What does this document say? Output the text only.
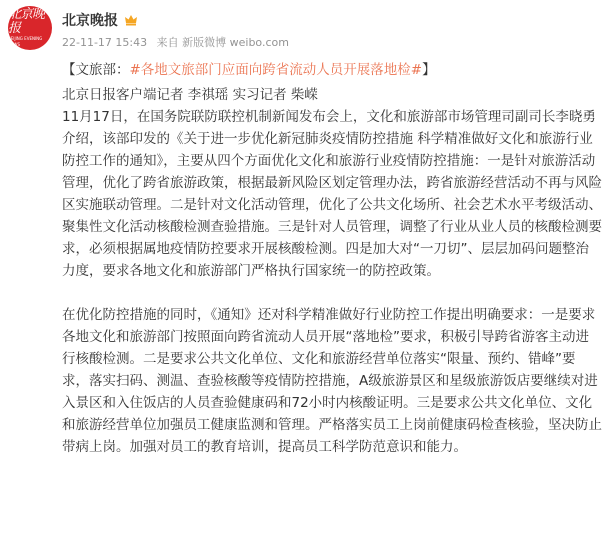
北京晚报
BEIJING EVENING NEWS
北京晚报
22-11-17 15:43 来自 新版微博 weibo.com
【文旅部：#各地文旅部门应面向跨省流动人员开展落地检#】

北京日报客户端记者 李祺瑶 实习记者 柴嵘

11月17日，在国务院联防联控机制新闻发布会上，文化和旅游部市场管理司副司长李晓勇介绍，该部印发的《关于进一步优化新冠肺炎疫情防控措施 科学精准做好文化和旅游行业防控工作的通知》，主要从四个方面优化文化和旅游行业疫情防控措施：一是针对旅游活动管理，优化了跨省旅游政策，根据最新风险区划定管理办法，跨省旅游经营活动不再与风险区实施联动管理。二是针对文化活动管理，优化了公共文化场所、社会艺术水平考级活动、聚集性文化活动核酸检测查验措施。三是针对人员管理，调整了行业从业人员的核酸检测要求，必须根据属地疫情防控要求开展核酸检测。四是加大对“一刀切”、层层加码问题整治力度，要求各地文化和旅游部门严格执行国家统一的防控政策。

在优化防控措施的同时，《通知》还对科学精准做好行业防控工作提出明确要求：一是要求各地文化和旅游部门按照面向跨省流动人员开展“落地检”要求，积极引导跨省游客主动进行核酸检测。二是要求公共文化单位、文化和旅游经营单位落实“限量、预约、错峰”要求，落实扫码、测温、查验核酸等疫情防控措施，A级旅游景区和星级旅游饭店要继续对进入景区和入住饭店的人员查验健康码和72小时内核酸证明。三是要求公共文化单位、文化和旅游经营单位加强员工健康监测和管理。严格落实员工上岗前健康码检查核验，坚决防止带病上岗。加强对员工的教育培训，提高员工科学防范意识和能力。
